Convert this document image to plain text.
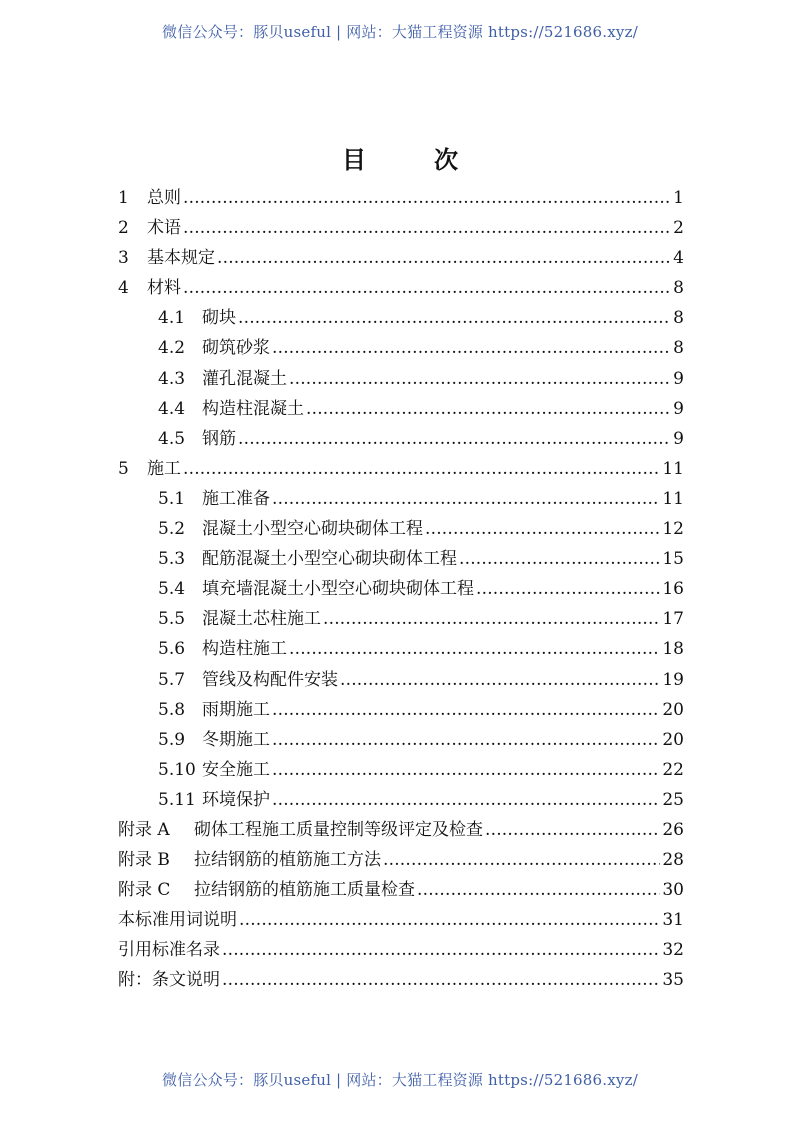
微信公众号：豚贝useful | 网站：大猫工程资源 https://521686.xyz/
目　次
1	总则 .....	1
2	术语 .....	2
3	基本规定 .....	4
4	材料 .....	8
4.1 砌块 .....	8
4.2 砌筑砂浆 .....	8
4.3 灌孔混凝土 .....	9
4.4 构造柱混凝土 .....	9
4.5 钢筋 .....	9
5	施工 .....	11
5.1 施工准备 .....	11
5.2 混凝土小型空心砌块砌体工程 .....	12
5.3 配筋混凝土小型空心砌块砌体工程 .....	15
5.4 填充墙混凝土小型空心砌块砌体工程 .....	16
5.5 混凝土芯柱施工 .....	17
5.6 构造柱施工 .....	18
5.7 管线及构配件安装 .....	19
5.8 雨期施工 .....	20
5.9 冬期施工 .....	20
5.10 安全施工 .....	22
5.11 环境保护 .....	25
附录 A	砌体工程施工质量控制等级评定及检查 .....	26
附录 B	拉结钢筋的植筋施工方法 .....	28
附录 C	拉结钢筋的植筋施工质量检查 .....	30
本标准用词说明 .....	31
引用标准名录 .....	32
附：条文说明 .....	35
微信公众号：豚贝useful | 网站：大猫工程资源 https://521686.xyz/
